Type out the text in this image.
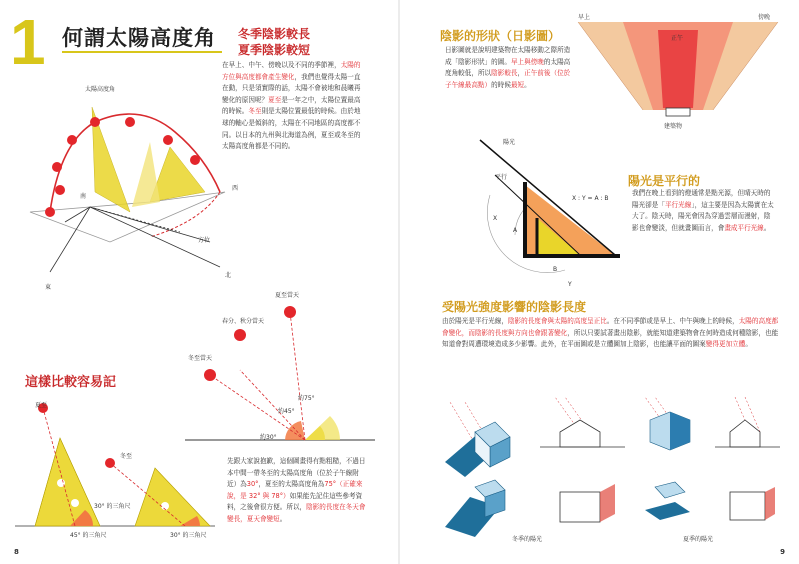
1 何謂太陽高度角 冬季陰影較長
夏季陰影較短
在早上、中午、傍晚以及不同的季節裡，太陽的方位與高度都會產生變化，我們也覺得太陽一直在動，只是須實際的話，太陽不會被地和晨曦再變化的原因呢？夏至是一年之中，太陽位置最高的時候。冬至則是太陽位置最低的時候。由於地球的軸心是傾斜的，太陽在不同地區的高度都不同。以日本的九州與北海道為例，夏至或冬至的太陽高度角都是不同的。
太陽高度角
南
西
方位
北
東
夏至當天
春分、秋分當天
冬至當天
約75°
約45°
約30°
這樣比較容易記
夏至
冬至
30° 的三角尺
45° 的三角尺	30° 的三角尺
先跟大家說抱歉，這個圖畫得有點粗糙，不過日本中間一帶冬至的太陽高度角（位於子午線附近）為30°，夏至的太陽高度角為75°（正確來說，是 32° 與 78°）如果能先記住這些參考資料，之後會很方便。所以，陰影的長度在冬天會變長，夏天會變短。
8
陰影的形狀（日影圖）
日影圖就是說明建築物在太陽移動之際所造成「陰影形狀」的圖。早上與傍晚的太陽高度角較低，所以陰影較長，正午前後（位於子午線最高點）的時候最短。
早上	傍晚
正午
建築物
陽光
平行
X : Y = A : B
X
A
B
Y
陽光是平行的
我們在晚上看到的燈通常是點光源，但晴天時的陽光卻是「平行光線」，這主要是因為太陽實在太大了。陰天時，陽光會因為穿過雲層而漫射，陰影也會變淡，但就畫圖而言，會畫成平行光線。
受陽光強度影響的陰影長度
由於陽光是平行光線，陰影的長度會與太陽的高度呈正比。在不同季節或是早上、中午與晚上的時候，太陽的高度都會變化，而陰影的長度與方向也會跟著變化，所以只要試著畫出陰影，就能知道建築物會在何時造成何種陰影，也能知道會對周遭環境造成多少影響。此外，在平面圖或是立體圖加上陰影，也能讓平面的圖案變得更加立體。
冬季的陽光	夏季的陽光
9
